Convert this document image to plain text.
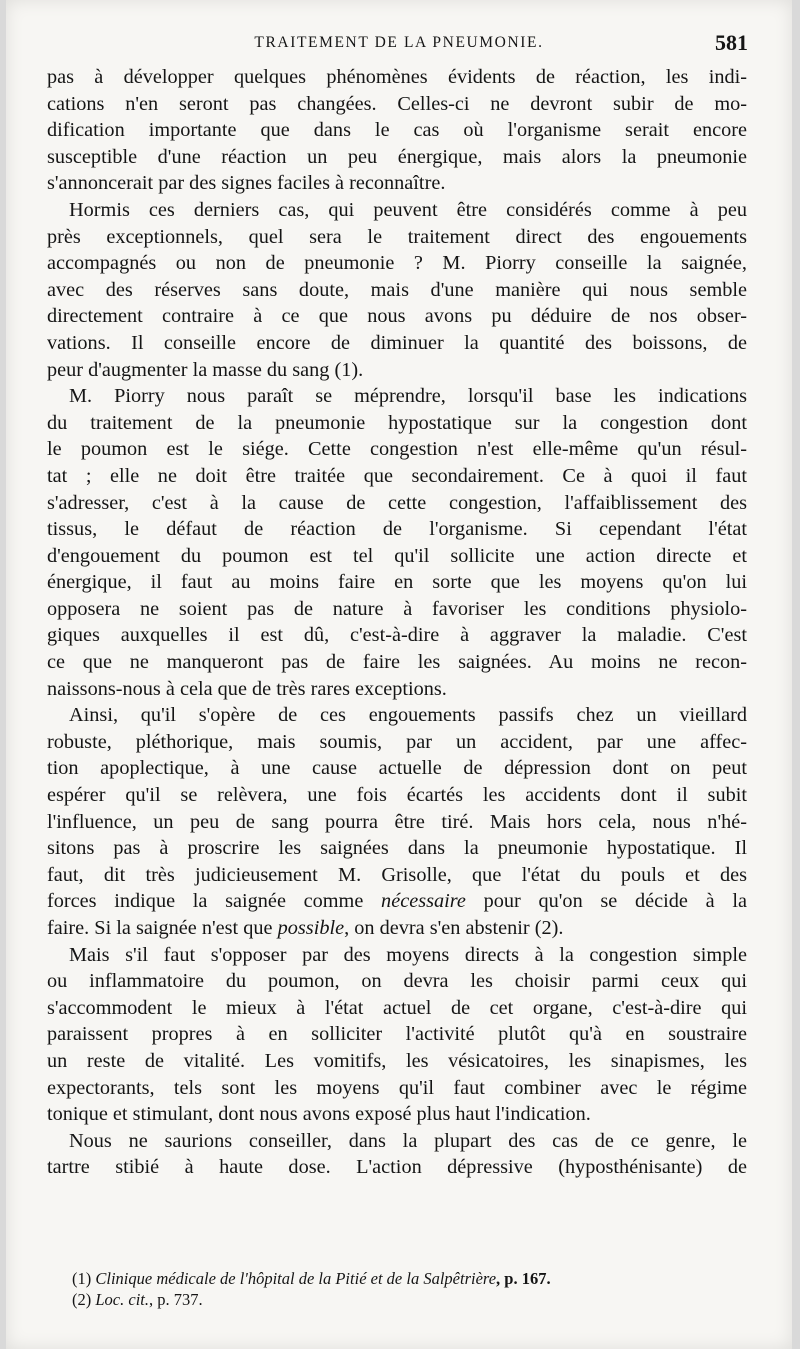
TRAITEMENT DE LA PNEUMONIE.	581

pas à développer quelques phénomènes évidents de réaction, les indi-
cations n'en seront pas changées. Celles-ci ne devront subir de mo-
dification importante que dans le cas où l'organisme serait encore
susceptible d'une réaction un peu énergique, mais alors la pneumonie
s'annoncerait par des signes faciles à reconnaître.

Hormis ces derniers cas, qui peuvent être considérés comme à peu
près exceptionnels, quel sera le traitement direct des engouements
accompagnés ou non de pneumonie ? M. Piorry conseille la saignée,
avec des réserves sans doute, mais d'une manière qui nous semble
directement contraire à ce que nous avons pu déduire de nos obser-
vations. Il conseille encore de diminuer la quantité des boissons, de
peur d'augmenter la masse du sang (1).

M. Piorry nous paraît se méprendre, lorsqu'il base les indications
du traitement de la pneumonie hypostatique sur la congestion dont
le poumon est le siége. Cette congestion n'est elle-même qu'un résul-
tat ; elle ne doit être traitée que secondairement. Ce à quoi il faut
s'adresser, c'est à la cause de cette congestion, l'affaiblissement des
tissus, le défaut de réaction de l'organisme. Si cependant l'état
d'engouement du poumon est tel qu'il sollicite une action directe et
énergique, il faut au moins faire en sorte que les moyens qu'on lui
opposera ne soient pas de nature à favoriser les conditions physiolo-
giques auxquelles il est dû, c'est-à-dire à aggraver la maladie. C'est
ce que ne manqueront pas de faire les saignées. Au moins ne recon-
naissons-nous à cela que de très rares exceptions.

Ainsi, qu'il s'opère de ces engouements passifs chez un vieillard
robuste, pléthorique, mais soumis, par un accident, par une affec-
tion apoplectique, à une cause actuelle de dépression dont on peut
espérer qu'il se relèvera, une fois écartés les accidents dont il subit
l'influence, un peu de sang pourra être tiré. Mais hors cela, nous n'hé-
sitons pas à proscrire les saignées dans la pneumonie hypostatique. Il
faut, dit très judicieusement M. Grisolle, que l'état du pouls et des
forces indique la saignée comme nécessaire pour qu'on se décide à la
faire. Si la saignée n'est que possible, on devra s'en abstenir (2).

Mais s'il faut s'opposer par des moyens directs à la congestion simple
ou inflammatoire du poumon, on devra les choisir parmi ceux qui
s'accommodent le mieux à l'état actuel de cet organe, c'est-à-dire qui
paraissent propres à en solliciter l'activité plutôt qu'à en soustraire
un reste de vitalité. Les vomitifs, les vésicatoires, les sinapismes, les
expectorants, tels sont les moyens qu'il faut combiner avec le régime
tonique et stimulant, dont nous avons exposé plus haut l'indication.

Nous ne saurions conseiller, dans la plupart des cas de ce genre, le
tartre stibié à haute dose. L'action dépressive (hyposthénisante) de

(1) Clinique médicale de l'hôpital de la Pitié et de la Salpêtrière, p. 167.

(2) Loc. cit., p. 737.
